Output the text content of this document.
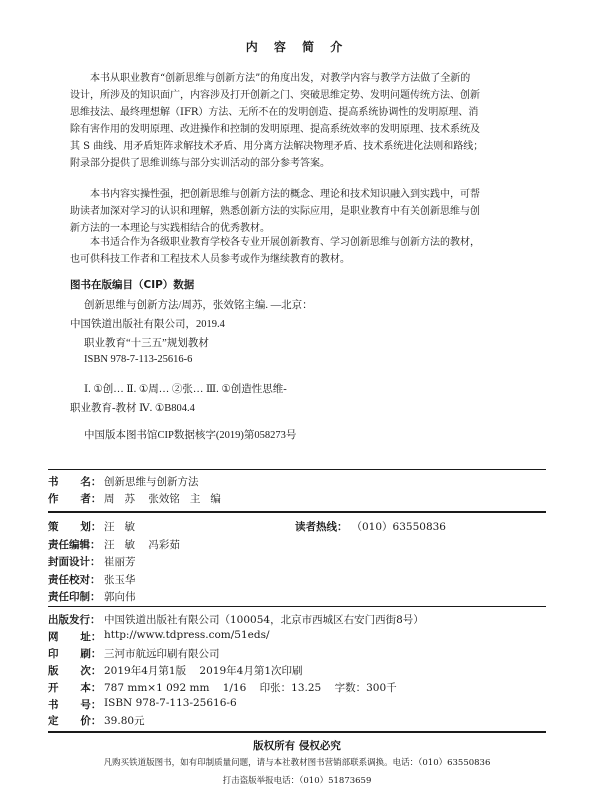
内 容 简 介
本书从职业教育“创新思维与创新方法”的角度出发，对教学内容与教学方法做了全新的
设计，所涉及的知识面广，内容涉及打开创新之门、突破思维定势、发明问题传统方法、创新
思维技法、最终理想解（IFR）方法、无所不在的发明创造、提高系统协调性的发明原理、消
除有害作用的发明原理、改进操作和控制的发明原理、提高系统效率的发明原理、技术系统及
其 S 曲线、用矛盾矩阵求解技术矛盾、用分离方法解决物理矛盾、技术系统进化法则和路线；
附录部分提供了思维训练与部分实训活动的部分参考答案。
本书内容实操性强，把创新思维与创新方法的概念、理论和技术知识融入到实践中，可帮
助读者加深对学习的认识和理解，熟悉创新方法的实际应用，是职业教育中有关创新思维与创
新方法的一本理论与实践相结合的优秀教材。
本书适合作为各级职业教育学校各专业开展创新教育、学习创新思维与创新方法的教材，
也可供科技工作者和工程技术人员参考或作为继续教育的教材。
图书在版编目（CIP）数据
创新思维与创新方法/周苏，张效铭主编. —北京：
中国铁道出版社有限公司，2019.4
职业教育“十三五”规划教材
ISBN 978-7-113-25616-6
Ⅰ. ①创… Ⅱ. ①周… ②张… Ⅲ. ①创造性思维-
职业教育-教材 Ⅳ. ①B804.4
中国版本图书馆CIP数据核字(2019)第058273号
书      名： 创新思维与创新方法
作      者： 周   苏    张效铭   主   编
策      划： 汪   敏	读者热线： （010）63550836
责任编辑： 汪   敏    冯彩茹
封面设计： 崔丽芳
责任校对： 张玉华
责任印制： 郭向伟
出版发行： 中国铁道出版社有限公司（100054，北京市西城区右安门西街8号）
网      址： http://www.tdpress.com/51eds/
印      刷： 三河市航远印刷有限公司
版      次： 2019年4月第1版    2019年4月第1次印刷
开      本： 787 mm×1 092 mm    1/16    印张：13.25    字数：300千
书      号： ISBN 978-7-113-25616-6
定      价： 39.80元
版权所有 侵权必究
凡购买铁道版图书，如有印制质量问题，请与本社教材图书营销部联系调换。电话：（010）63550836
打击盗版举报电话：（010）51873659
